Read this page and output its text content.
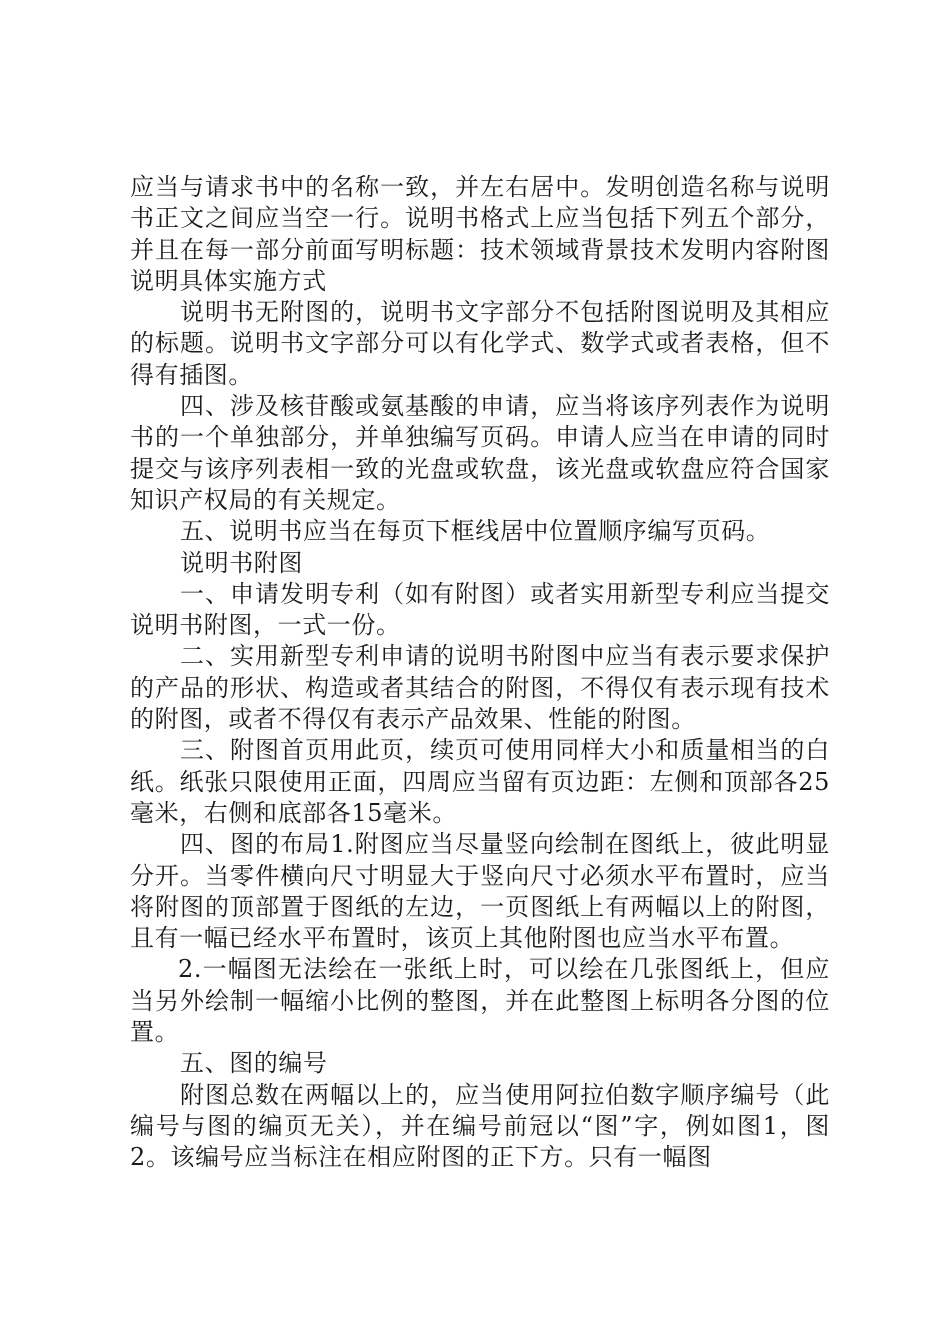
应当与请求书中的名称一致，并左右居中。发明创造名称与说明书正文之间应当空一行。说明书格式上应当包括下列五个部分，并且在每一部分前面写明标题：技术领域背景技术发明内容附图说明具体实施方式

说明书无附图的，说明书文字部分不包括附图说明及其相应的标题。说明书文字部分可以有化学式、数学式或者表格，但不得有插图。

四、涉及核苷酸或氨基酸的申请，应当将该序列表作为说明书的一个单独部分，并单独编写页码。申请人应当在申请的同时提交与该序列表相一致的光盘或软盘，该光盘或软盘应符合国家知识产权局的有关规定。

五、说明书应当在每页下框线居中位置顺序编写页码。

说明书附图

一、申请发明专利（如有附图）或者实用新型专利应当提交说明书附图，一式一份。

二、实用新型专利申请的说明书附图中应当有表示要求保护的产品的形状、构造或者其结合的附图，不得仅有表示现有技术的附图，或者不得仅有表示产品效果、性能的附图。

三、附图首页用此页，续页可使用同样大小和质量相当的白纸。纸张只限使用正面，四周应当留有页边距：左侧和顶部各25毫米，右侧和底部各15毫米。

四、图的布局1.附图应当尽量竖向绘制在图纸上，彼此明显分开。当零件横向尺寸明显大于竖向尺寸必须水平布置时，应当将附图的顶部置于图纸的左边，一页图纸上有两幅以上的附图，且有一幅已经水平布置时，该页上其他附图也应当水平布置。

2.一幅图无法绘在一张纸上时，可以绘在几张图纸上，但应当另外绘制一幅缩小比例的整图，并在此整图上标明各分图的位置。

五、图的编号

附图总数在两幅以上的，应当使用阿拉伯数字顺序编号（此编号与图的编页无关），并在编号前冠以“图”字，例如图1，图2。该编号应当标注在相应附图的正下方。只有一幅图
